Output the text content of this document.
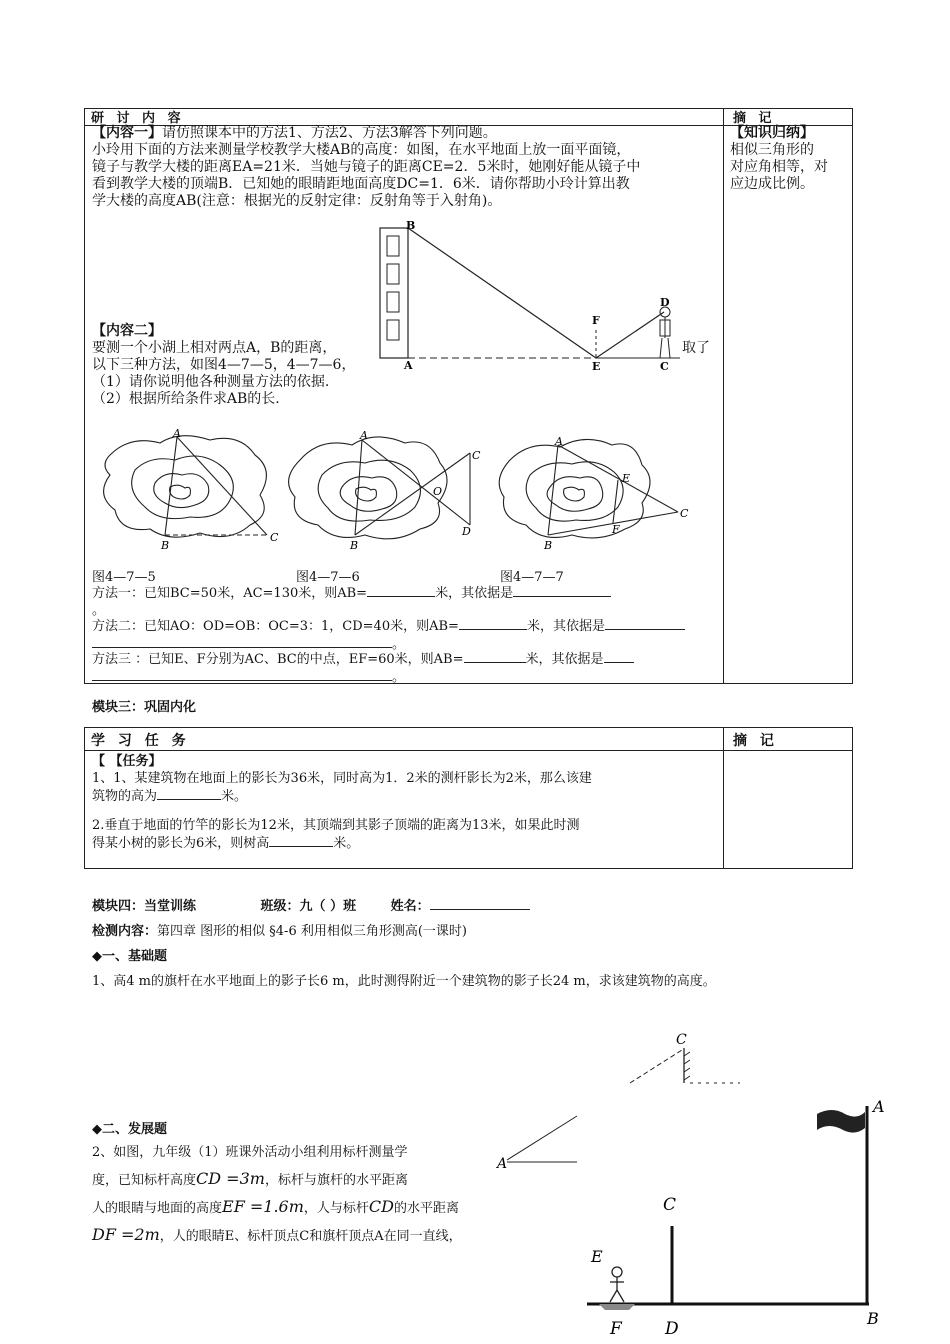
研 讨 内 容	摘 记
【内容一】请仿照课本中的方法1、方法2、方法3解答下列问题。
小玲用下面的方法来测量学校教学大楼AB的高度：如图，在水平地面上放一面平面镜，
镜子与教学大楼的距离EA=21米．当她与镜子的距离CE=2．5米时，她刚好能从镜子中
看到教学大楼的顶端B．已知她的眼睛距地面高度DC=1．6米．请你帮助小玲计算出教
学大楼的高度AB(注意：根据光的反射定律：反射角等于入射角)。
【知识归纳】
相似三角形的
对应角相等，对
应边成比例。
B
A
F
E
D
C
【内容二】
要测一个小湖上相对两点A，B的距离，
以下三种方法，如图4—7—5，4—7—6，
（1）请你说明他各种测量方法的依据.
（2）根据所给条件求AB的长.
取了
A
B
C
A
B
O
C
D
A
B
E
F
C
图4—7—5	图4—7—6	图4—7—7
方法一：已知BC=50米，AC=130米，则AB=	米，其依据是
。
方法二：已知AO：OD=OB：OC=3：1，CD=40米，则AB=	米，其依据是
。
方法三 ：已知E、F分别为AC、BC的中点，EF=60米，则AB=	米，其依据是
。
模块三：巩固内化
学 习 任 务	摘 记
【 【任务】
1、1、某建筑物在地面上的影长为36米，同时高为1．2米的测杆影长为2米，那么该建
筑物的高为	米。
2.垂直于地面的竹竿的影长为12米，其顶端到其影子顶端的距离为13米，如果此时测
得某小树的影长为6米，则树高	米。
模块四：当堂训练	班级：九（ ）班	姓名：
检测内容：第四章 图形的相似 §4-6 利用相似三角形测高(一课时)
◆一、基础题
1、高4 m的旗杆在水平地面上的影子长6 m，此时测得附近一个建筑物的影子长24 m，求该建筑物的高度。
C
◆二、发展题
2、如图，九年级（1）班课外活动小组利用标杆测量学
度，已知标杆高度CD =3m，标杆与旗杆的水平距离
人的眼睛与地面的高度EF =1.6m，人与标杆CD的水平距离
DF =2m，人的眼睛E、标杆顶点C和旗杆顶点A在同一直线，
A
A
C
E
F	D
B
